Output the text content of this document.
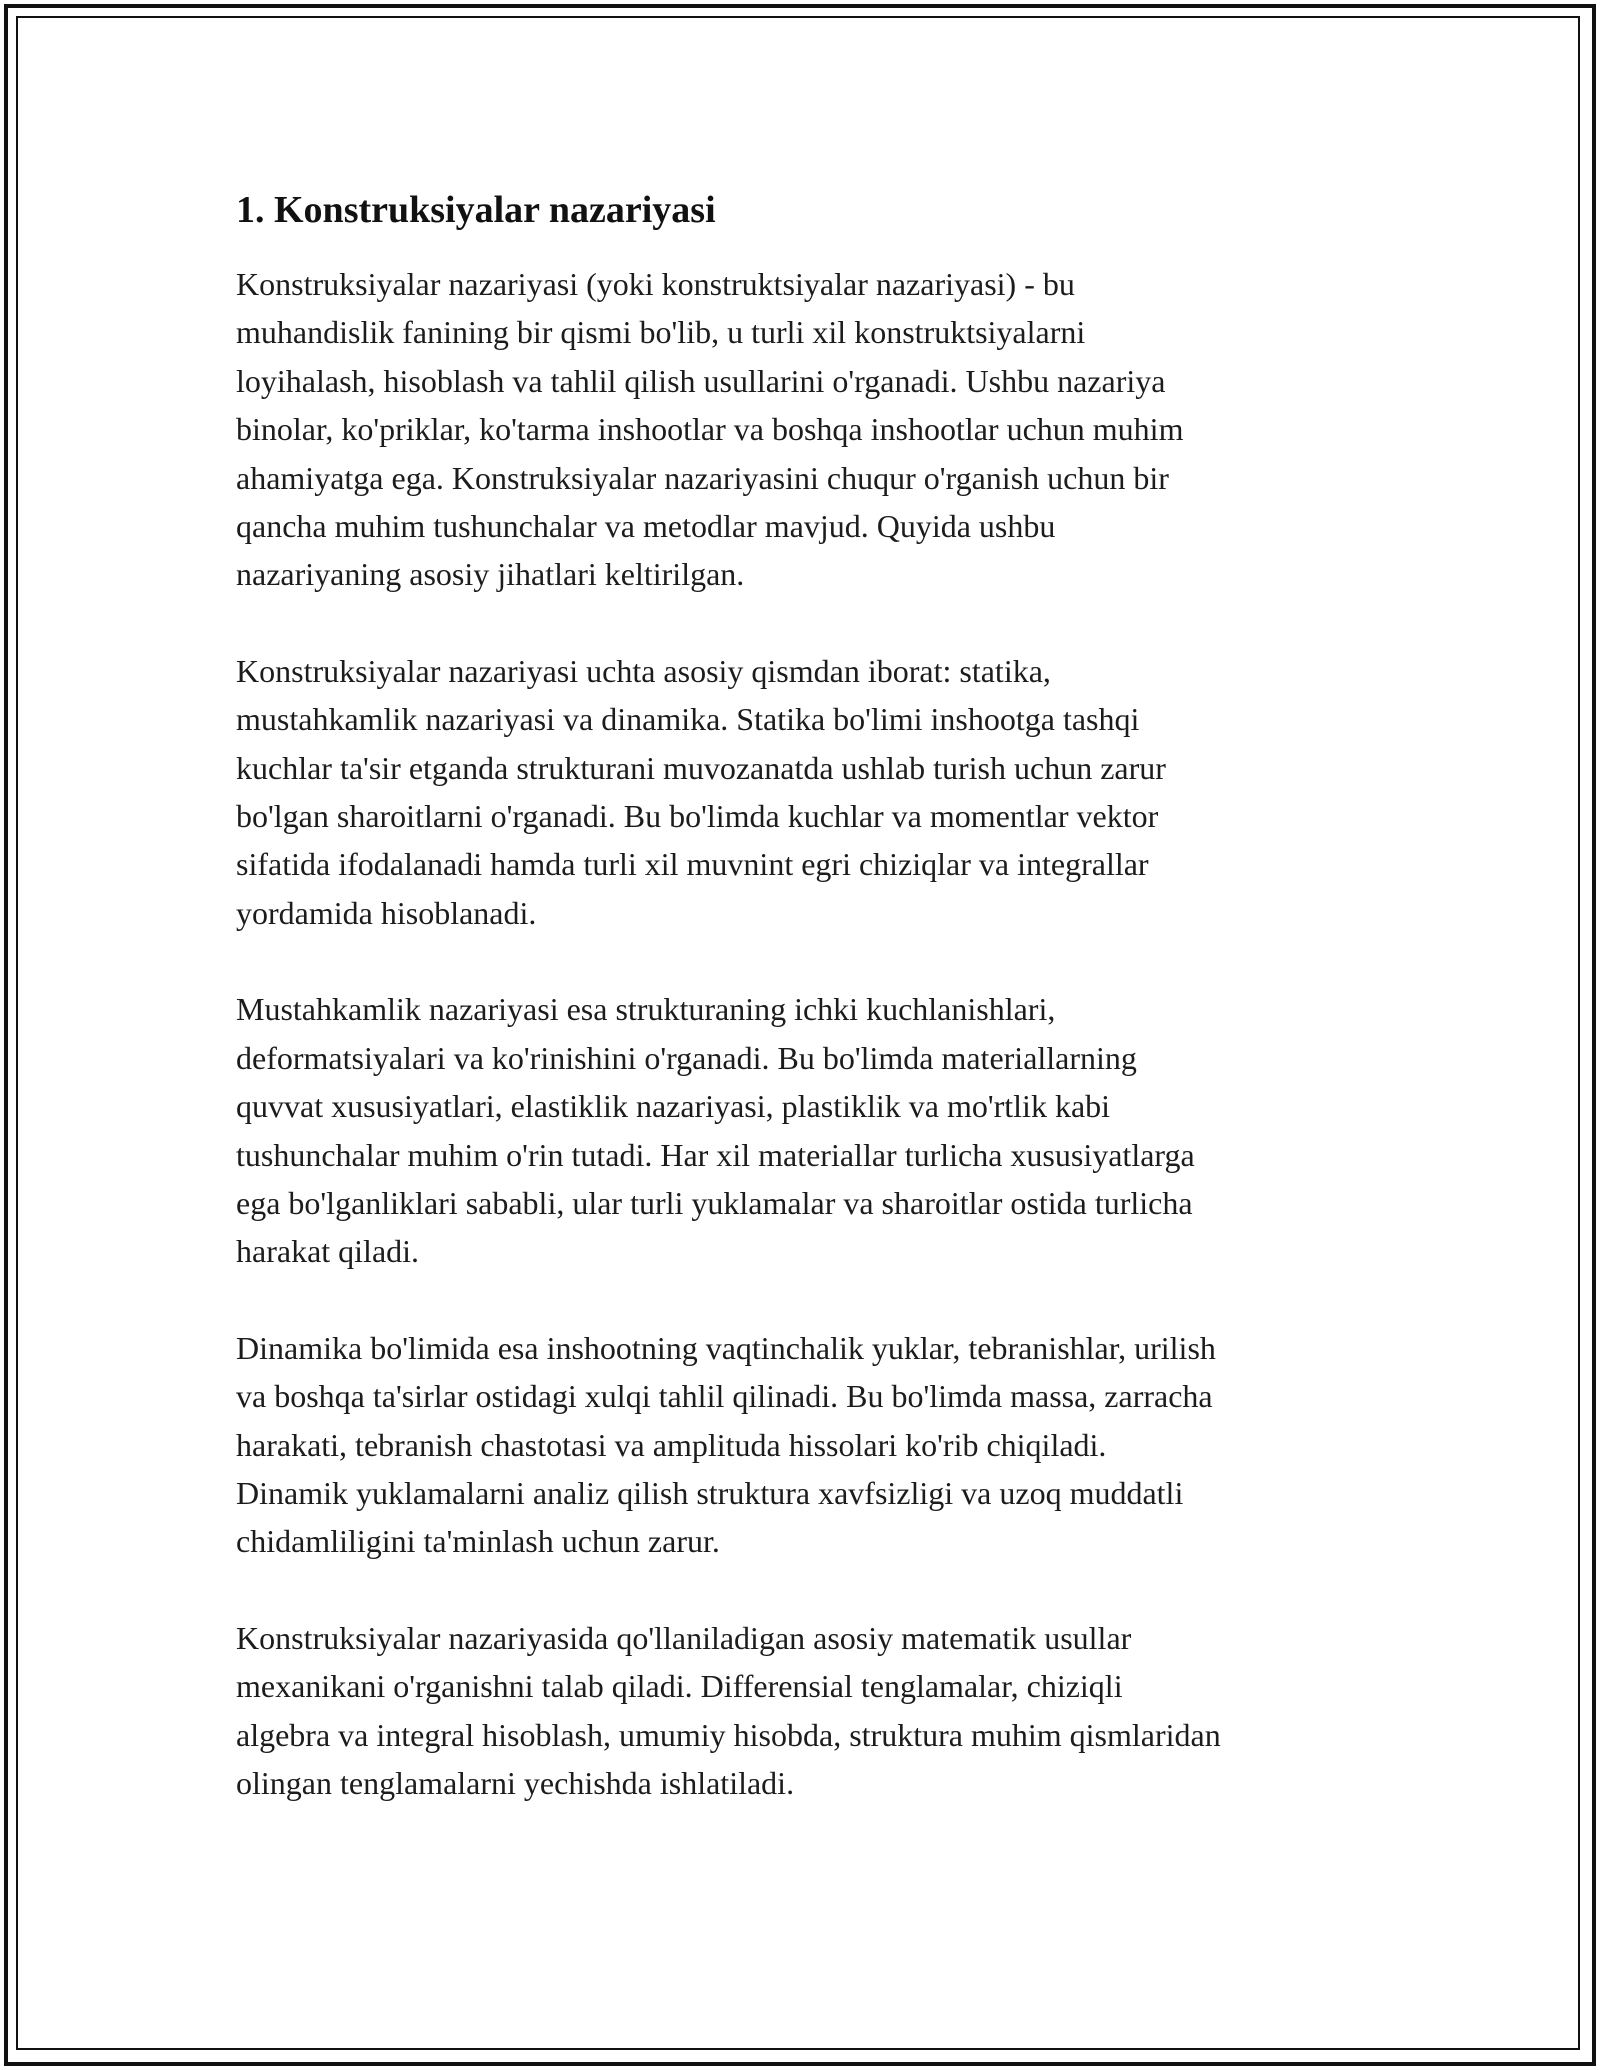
1. Konstruksiyalar nazariyasi

Konstruksiyalar nazariyasi (yoki konstruktsiyalar nazariyasi) - bu
muhandislik fanining bir qismi bo'lib, u turli xil konstruktsiyalarni
loyihalash, hisoblash va tahlil qilish usullarini o'rganadi. Ushbu nazariya
binolar, ko'priklar, ko'tarma inshootlar va boshqa inshootlar uchun muhim
ahamiyatga ega. Konstruksiyalar nazariyasini chuqur o'rganish uchun bir
qancha muhim tushunchalar va metodlar mavjud. Quyida ushbu
nazariyaning asosiy jihatlari keltirilgan.

Konstruksiyalar nazariyasi uchta asosiy qismdan iborat: statika,
mustahkamlik nazariyasi va dinamika. Statika bo'limi inshootga tashqi
kuchlar ta'sir etganda strukturani muvozanatda ushlab turish uchun zarur
bo'lgan sharoitlarni o'rganadi. Bu bo'limda kuchlar va momentlar vektor
sifatida ifodalanadi hamda turli xil muvnint egri chiziqlar va integrallar
yordamida hisoblanadi.

Mustahkamlik nazariyasi esa strukturaning ichki kuchlanishlari,
deformatsiyalari va ko'rinishini o'rganadi. Bu bo'limda materiallarning
quvvat xususiyatlari, elastiklik nazariyasi, plastiklik va mo'rtlik kabi
tushunchalar muhim o'rin tutadi. Har xil materiallar turlicha xususiyatlarga
ega bo'lganliklari sababli, ular turli yuklamalar va sharoitlar ostida turlicha
harakat qiladi.

Dinamika bo'limida esa inshootning vaqtinchalik yuklar, tebranishlar, urilish
va boshqa ta'sirlar ostidagi xulqi tahlil qilinadi. Bu bo'limda massa, zarracha
harakati, tebranish chastotasi va amplituda hissolari ko'rib chiqiladi.
Dinamik yuklamalarni analiz qilish struktura xavfsizligi va uzoq muddatli
chidamliligini ta'minlash uchun zarur.

Konstruksiyalar nazariyasida qo'llaniladigan asosiy matematik usullar
mexanikani o'rganishni talab qiladi. Differensial tenglamalar, chiziqli
algebra va integral hisoblash, umumiy hisobda, struktura muhim qismlaridan
olingan tenglamalarni yechishda ishlatiladi.
